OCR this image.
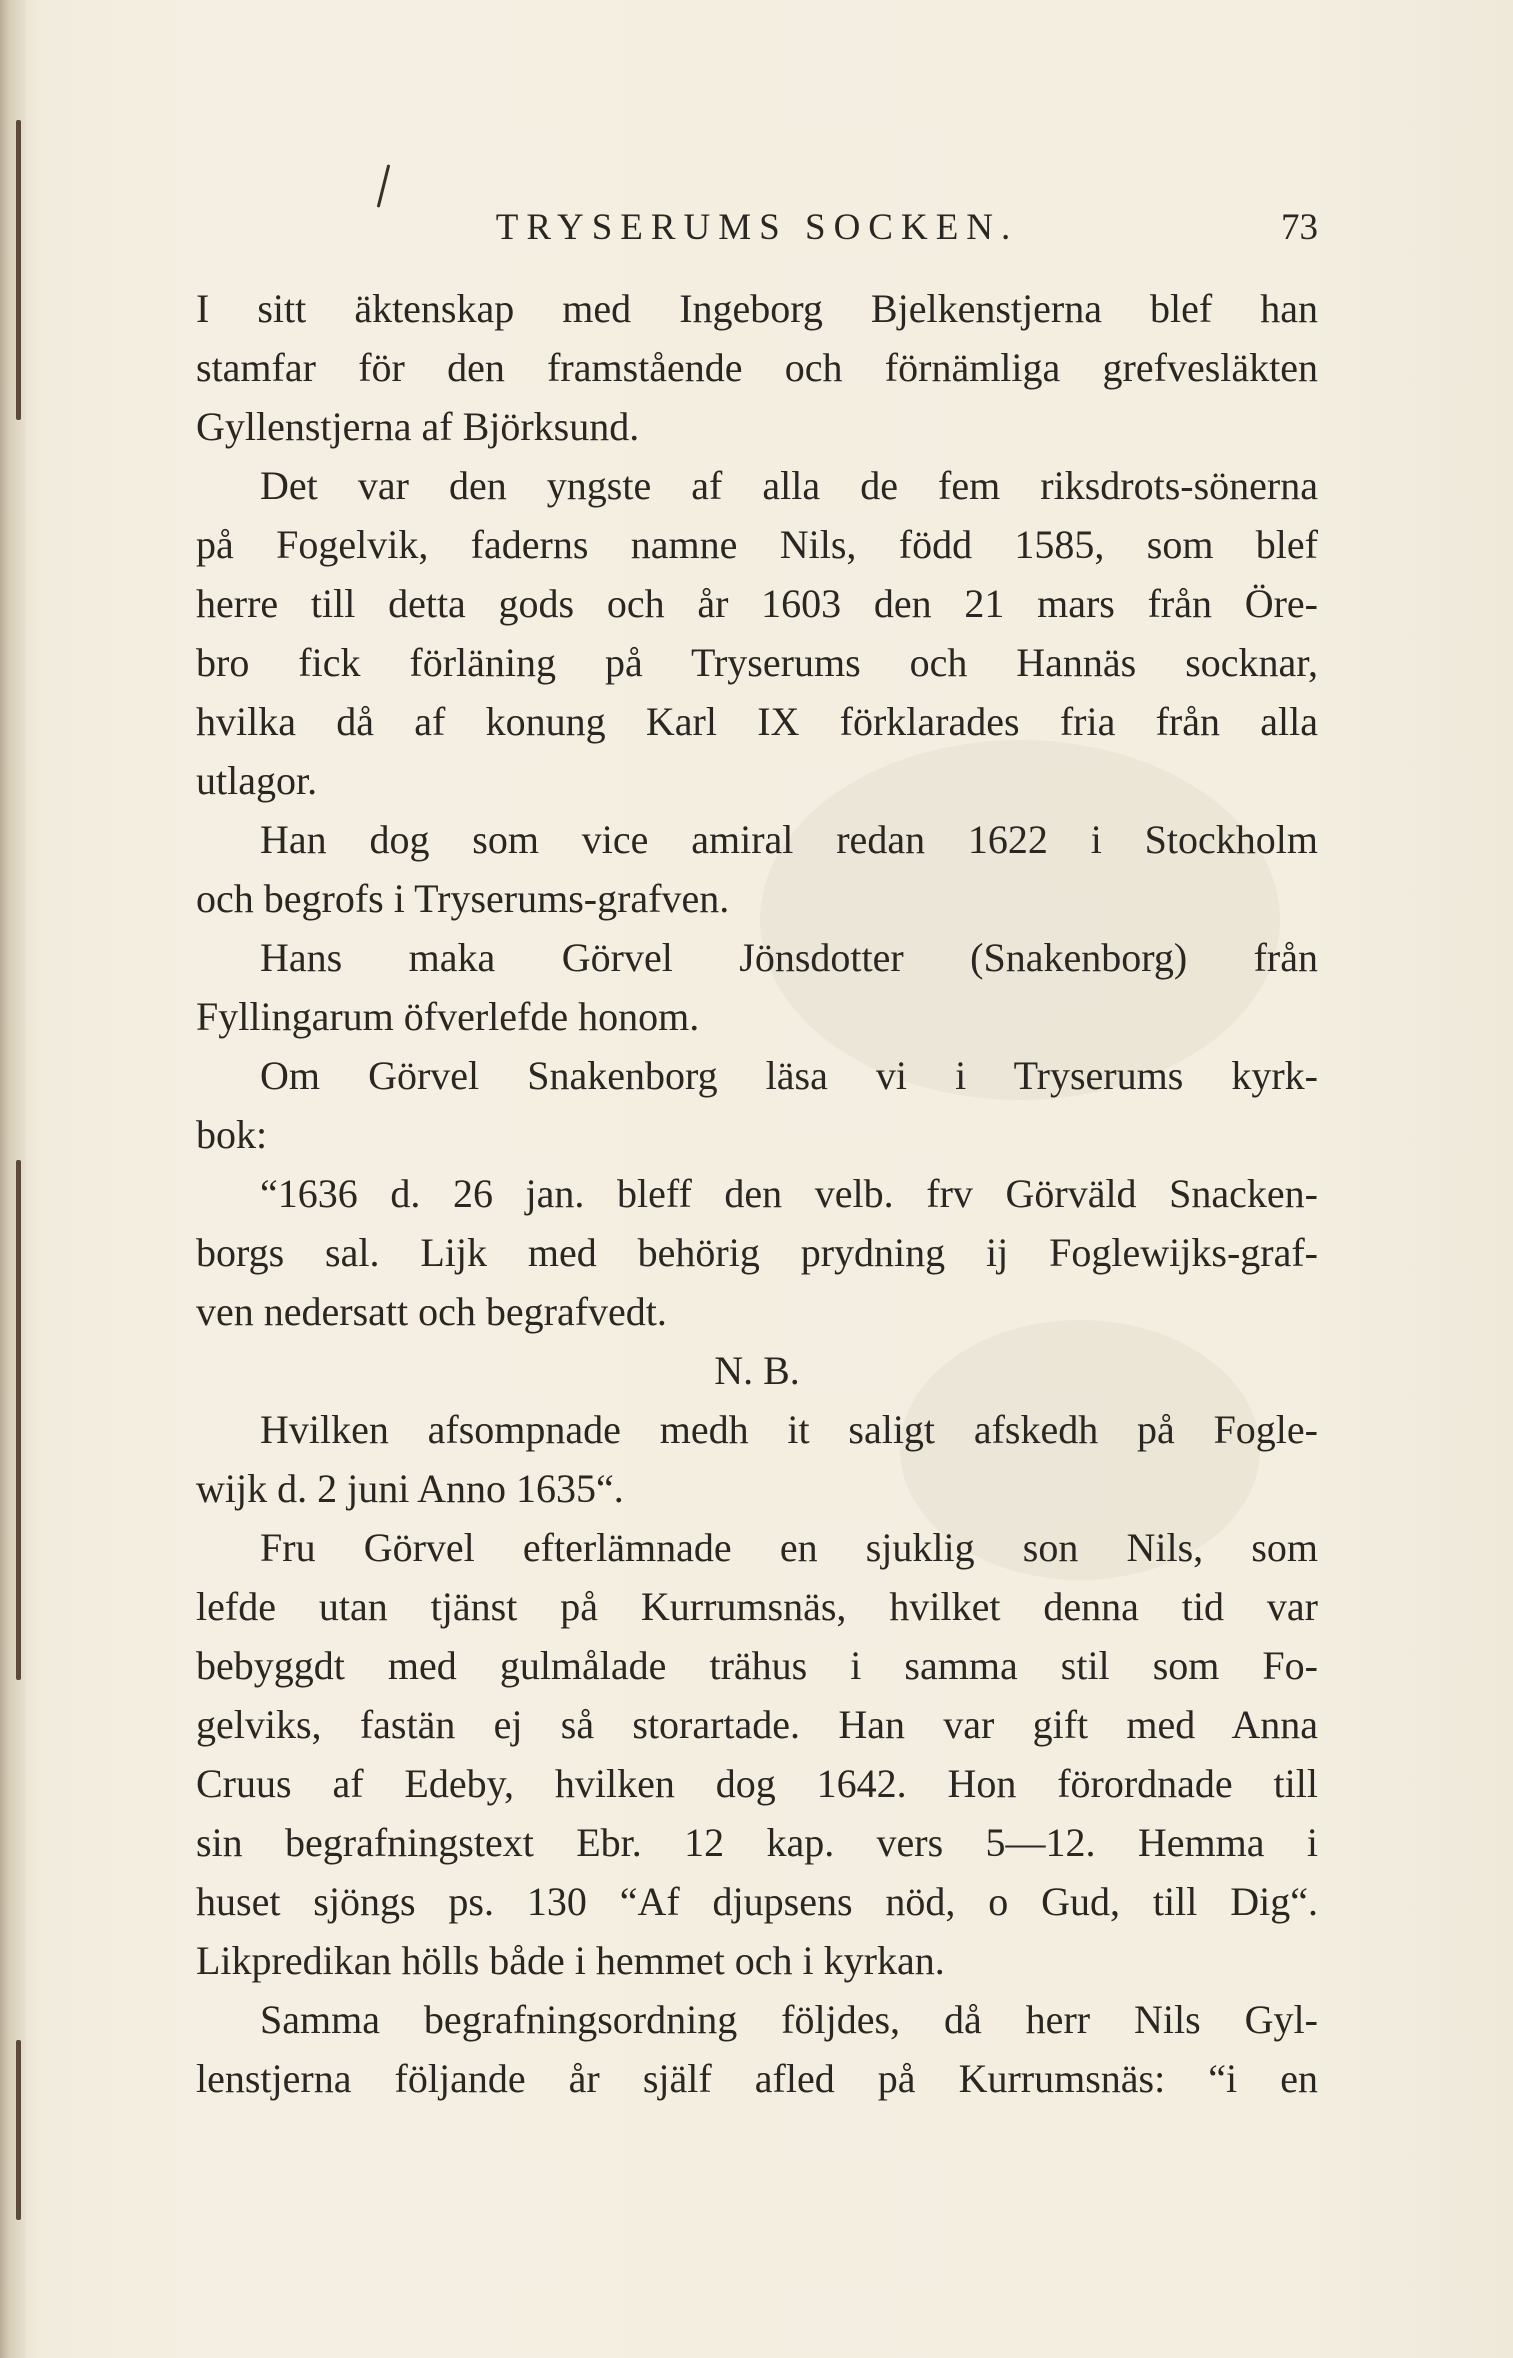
TRYSERUMS SOCKEN.	73
I sitt äktenskap med Ingeborg Bjelkenstjerna blef han
stamfar för den framstående och förnämliga grefvesläkten
Gyllenstjerna af Björksund.
Det var den yngste af alla de fem riksdrots-sönerna
på Fogelvik, faderns namne Nils, född 1585, som blef
herre till detta gods och år 1603 den 21 mars från Öre-
bro fick förläning på Tryserums och Hannäs socknar,
hvilka då af konung Karl IX förklarades fria från alla
utlagor.
Han dog som vice amiral redan 1622 i Stockholm
och begrofs i Tryserums-grafven.
Hans maka Görvel Jönsdotter (Snakenborg) från
Fyllingarum öfverlefde honom.
Om Görvel Snakenborg läsa vi i Tryserums kyrk-
bok:
“1636 d. 26 jan. bleff den velb. frv Görväld Snacken-
borgs sal. Lijk med behörig prydning ij Foglewijks-graf-
ven nedersatt och begrafvedt.
N. B.
Hvilken afsompnade medh it saligt afskedh på Fogle-
wijk d. 2 juni Anno 1635“.
Fru Görvel efterlämnade en sjuklig son Nils, som
lefde utan tjänst på Kurrumsnäs, hvilket denna tid var
bebyggdt med gulmålade trähus i samma stil som Fo-
gelviks, fastän ej så storartade. Han var gift med Anna
Cruus af Edeby, hvilken dog 1642. Hon förordnade till
sin begrafningstext Ebr. 12 kap. vers 5—12. Hemma i
huset sjöngs ps. 130 “Af djupsens nöd, o Gud, till Dig“.
Likpredikan hölls både i hemmet och i kyrkan.
Samma begrafningsordning följdes, då herr Nils Gyl-
lenstjerna följande år själf afled på Kurrumsnäs: “i en
